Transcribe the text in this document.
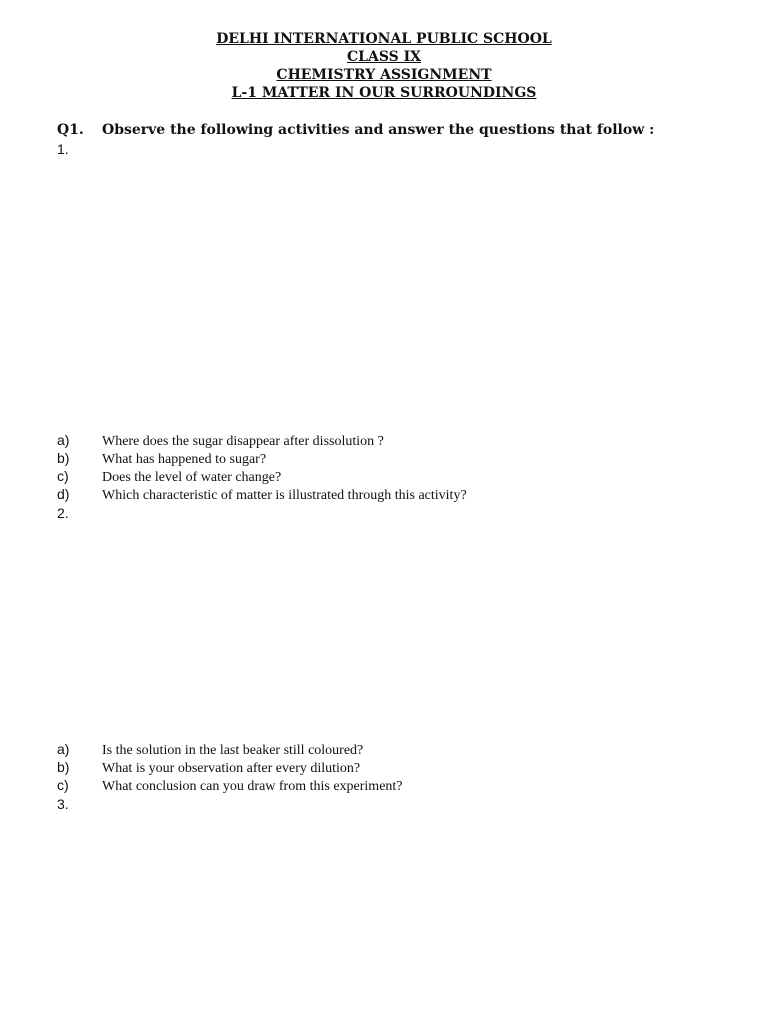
DELHI INTERNATIONAL PUBLIC SCHOOL
CLASS IX
CHEMISTRY ASSIGNMENT
L-1 MATTER IN OUR SURROUNDINGS
Q1. Observe the following activities and answer the questions that follow :
1.
a) Where does the sugar disappear after dissolution ?
b) What has happened to sugar?
c) Does the level of water change?
d) Which characteristic of matter is illustrated through this activity?
2.
a) Is the solution in the last beaker still coloured?
b) What is your observation after every dilution?
c) What conclusion can you draw from this experiment?
3.
